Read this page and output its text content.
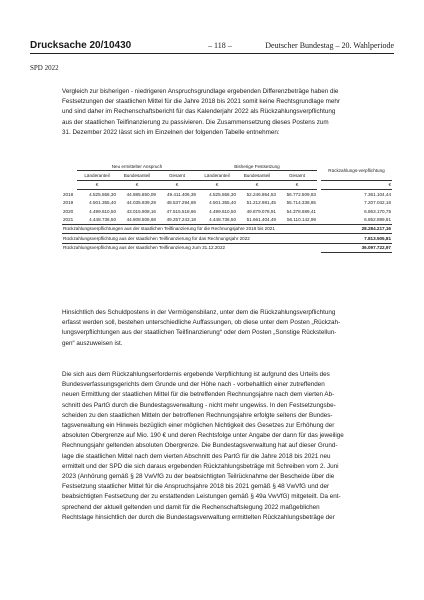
Drucksache 20/10430	– 118 –	Deutscher Bundestag – 20. Wahlperiode
SPD 2022
Vergleich zur bisherigen - niedrigeren Anspruchsgrundlage ergebenden Differenzbeträge haben die
Festsetzungen der staatlichen Mittel für die Jahre 2018 bis 2021 somit keine Rechtsgrundlage mehr
und sind daher im Rechenschaftsbericht für das Kalenderjahr 2022 als Rückzahlungsverpflichtung
aus der staatlichen Teilfinanzierung zu passivieren. Die Zusammensetzung dieses Postens zum
31. Dezember 2022 lässt sich im Einzelnen der folgenden Tabelle entnehmen:
	Neu ermittelter Anspruch			Bisherige Festsetzung				Rückzahlungs-verpflichtung
	Länderanteil	Bundesanteil	Gesamt	Länderanteil	Bundesanteil	Gesamt		
	€	€	€	€	€	€		€
2018	4.525.556,30	44.885.850,09	49.411.406,39	4.525.556,30	52.246.954,53	56.772.509,83		7.361.104,44
2019	4.501.355,40	44.035.939,29	48.537.294,69	4.501.355,40	51.212.981,45	55.714.336,85		7.207.042,16
2020	4.499.610,50	43.015.908,16	47.515.518,66	4.499.610,50	49.879.078,91	54.378.689,41		6.863.170,75
2021	4.448.736,50	44.808.506,68	49.257.243,18	4.448.736,50	51.661.404,49	56.110.142,99		6.852.899,81
Rückzahlungsverpflichtungen aus der staatlichen Teilfinanzierung für die Rechnungsjahre 2018 bis 2021								28.284.217,16
Rückzahlungsverpflichtung aus der staatlichen Teilfinanzierung für das Rechnungsjahr 2022								7.813.505,81
Rückzahlungsverpflichtung aus der staatlichen Teilfinanzierung zum 31.12.2022								36.097.722,97
Hinsichtlich des Schuldpostens in der Vermögensbilanz, unter dem die Rückzahlungsverpflichtung
erfasst werden soll, bestehen unterschiedliche Auffassungen, ob diese unter dem Posten „Rückzah-
lungsverpflichtungen aus der staatlichen Teilfinanzierung“ oder dem Posten „Sonstige Rückstellun-
gen“ auszuweisen ist.
Die sich aus dem Rückzahlungserfordernis ergebende Verpflichtung ist aufgrund des Urteils des
Bundesverfassungsgerichts dem Grunde und der Höhe nach - vorbehaltlich einer zutreffenden
neuen Ermittlung der staatlichen Mittel für die betreffenden Rechnungsjahre nach dem vierten Ab-
schnitt des PartG durch die Bundestagsverwaltung - nicht mehr ungewiss. In den Festsetzungsbe-
scheiden zu den staatlichen Mitteln der betroffenen Rechnungsjahre erfolgte seitens der Bundes-
tagsverwaltung ein Hinweis bezüglich einer möglichen Nichtigkeit des Gesetzes zur Erhöhung der
absoluten Obergrenze auf Mio. 190 € und deren Rechtsfolge unter Angabe der dann für das jeweilige
Rechnungsjahr geltenden absoluten Obergrenze. Die Bundestagsverwaltung hat auf dieser Grund-
lage die staatlichen Mittel nach dem vierten Abschnitt des PartG für die Jahre 2018 bis 2021 neu
ermittelt und der SPD die sich daraus ergebenden Rückzahlungsbeträge mit Schreiben vom 2. Juni
2023 (Anhörung gemäß § 28 VwVfG zu der beabsichtigten Teilrücknahme der Bescheide über die
Festsetzung staatlicher Mittel für die Anspruchsjahre 2018 bis 2021 gemäß § 48 VwVfG und der
beabsichtigten Festsetzung der zu erstattenden Leistungen gemäß § 49a VwVfG) mitgeteilt. Da ent-
sprechend der aktuell geltenden und damit für die Rechenschaftslegung 2022 maßgeblichen
Rechtslage hinsichtlich der durch die Bundestagsverwaltung ermittelten Rückzahlungsbeträge der
